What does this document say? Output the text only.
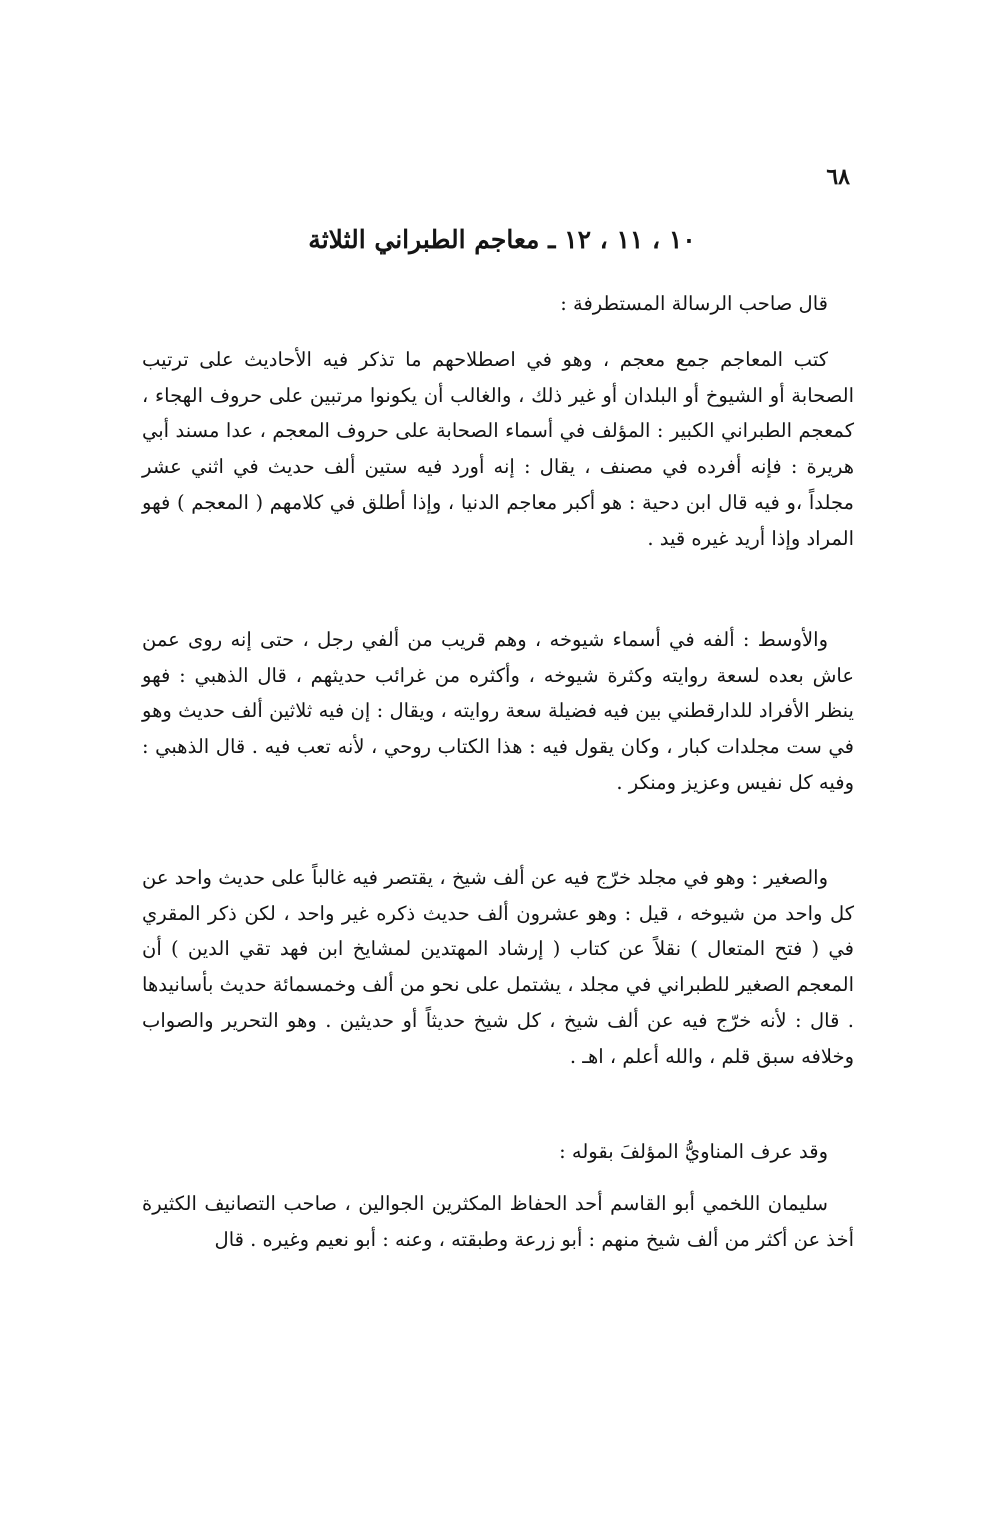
٦٨

١٠ ، ١١ ، ١٢ ـ معاجم الطبراني الثلاثة

قال صاحب الرسالة المستطرفة :

كتب المعاجم جمع معجم ، وهو في اصطلاحهم ما تذكر فيه الأحاديث على ترتيب الصحابة أو الشيوخ أو البلدان أو غير ذلك ، والغالب أن يكونوا مرتبين على حروف الهجاء ، كمعجم الطبراني الكبير : المؤلف في أسماء الصحابة على حروف المعجم ، عدا مسند أبي هريرة : فإنه أفرده في مصنف ، يقال : إنه أورد فيه ستين ألف حديث في اثني عشر مجلداً ،و فيه قال ابن دحية : هو أكبر معاجم الدنيا ، وإذا أطلق في كلامهم ( المعجم ) فهو المراد وإذا أريد غيره قيد .

والأوسط : ألفه في أسماء شيوخه ، وهم قريب من ألفي رجل ، حتى إنه روى عمن عاش بعده لسعة روايته وكثرة شيوخه ، وأكثره من غرائب حديثهم ، قال الذهبي : فهو ينظر الأفراد للدارقطني بين فيه فضيلة سعة روايته ، ويقال : إن فيه ثلاثين ألف حديث وهو في ست مجلدات كبار ، وكان يقول فيه : هذا الكتاب روحي ، لأنه تعب فيه . قال الذهبي : وفيه كل نفيس وعزيز ومنكر .

والصغير : وهو في مجلد خرّج فيه عن ألف شيخ ، يقتصر فيه غالباً على حديث واحد عن كل واحد من شيوخه ، قيل : وهو عشرون ألف حديث ذكره غير واحد ، لكن ذكر المقري في ( فتح المتعال ) نقلاً عن كتاب ( إرشاد المهتدين لمشايخ ابن فهد تقي الدين ) أن المعجم الصغير للطبراني في مجلد ، يشتمل على نحو من ألف وخمسمائة حديث بأسانيدها . قال : لأنه خرّج فيه عن ألف شيخ ، كل شيخ حديثاً أو حديثين . وهو التحرير والصواب وخلافه سبق قلم ، والله أعلم ، اهـ .

وقد عرف المناويُّ المؤلفَ بقوله :

سليمان اللخمي أبو القاسم أحد الحفاظ المكثرين الجوالين ، صاحب التصانيف الكثيرة أخذ عن أكثر من ألف شيخ منهم : أبو زرعة وطبقته ، وعنه : أبو نعيم وغيره . قال
